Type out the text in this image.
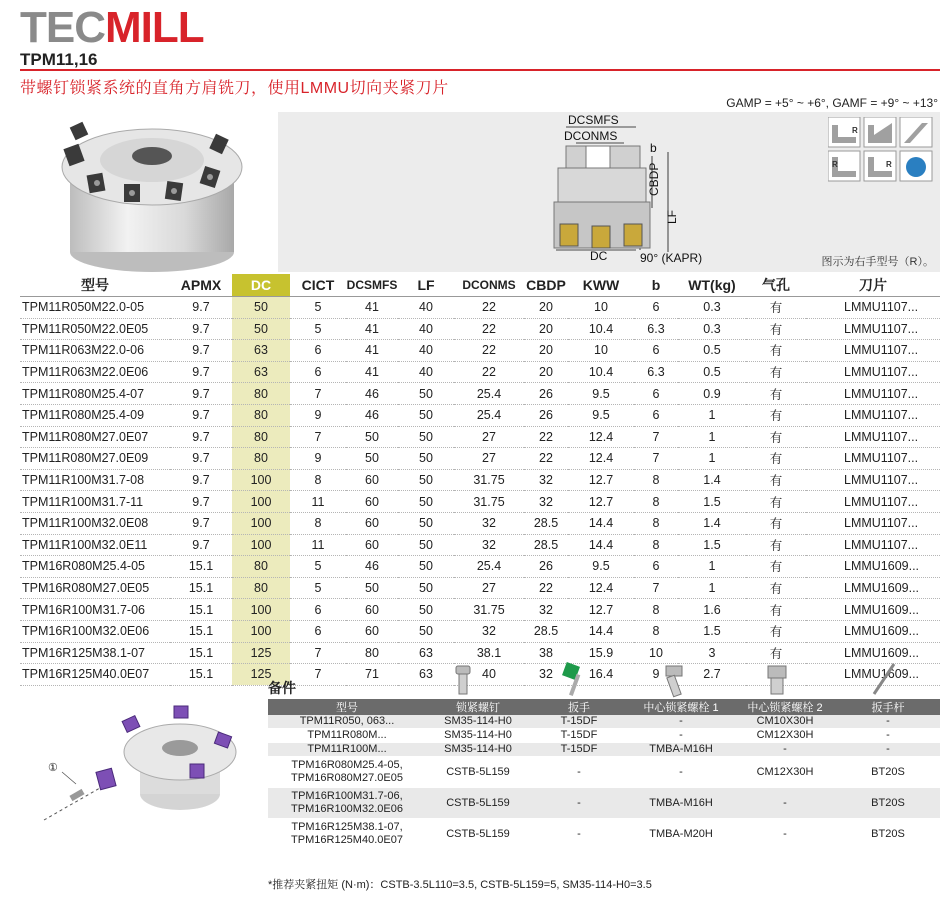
TECMILL
TPM11,16
带螺钉锁紧系统的直角方肩铣刀，使用LMMU切向夹紧刀片
GAMP = +5° ~ +6°, GAMF = +9° ~ +13°
DCSMFS
DCONMS
b
CBDP
LF
DC	90° (KAPR)
R
R	R
图示为右手型号（R）。
型号	APMX	DC	CICT	DCSMFS	LF	DCONMS	CBDP	KWW	b	WT(kg)	气孔	刀片
TPM11R050M22.0-05	9.7	50	5	41	40	22	20	10	6	0.3	有	LMMU1107...
TPM11R050M22.0E05	9.7	50	5	41	40	22	20	10.4	6.3	0.3	有	LMMU1107...
TPM11R063M22.0-06	9.7	63	6	41	40	22	20	10	6	0.5	有	LMMU1107...
TPM11R063M22.0E06	9.7	63	6	41	40	22	20	10.4	6.3	0.5	有	LMMU1107...
TPM11R080M25.4-07	9.7	80	7	46	50	25.4	26	9.5	6	0.9	有	LMMU1107...
TPM11R080M25.4-09	9.7	80	9	46	50	25.4	26	9.5	6	1	有	LMMU1107...
TPM11R080M27.0E07	9.7	80	7	50	50	27	22	12.4	7	1	有	LMMU1107...
TPM11R080M27.0E09	9.7	80	9	50	50	27	22	12.4	7	1	有	LMMU1107...
TPM11R100M31.7-08	9.7	100	8	60	50	31.75	32	12.7	8	1.4	有	LMMU1107...
TPM11R100M31.7-11	9.7	100	11	60	50	31.75	32	12.7	8	1.5	有	LMMU1107...
TPM11R100M32.0E08	9.7	100	8	60	50	32	28.5	14.4	8	1.4	有	LMMU1107...
TPM11R100M32.0E11	9.7	100	11	60	50	32	28.5	14.4	8	1.5	有	LMMU1107...
TPM16R080M25.4-05	15.1	80	5	46	50	25.4	26	9.5	6	1	有	LMMU1609...
TPM16R080M27.0E05	15.1	80	5	50	50	27	22	12.4	7	1	有	LMMU1609...
TPM16R100M31.7-06	15.1	100	6	60	50	31.75	32	12.7	8	1.6	有	LMMU1609...
TPM16R100M32.0E06	15.1	100	6	60	50	32	28.5	14.4	8	1.5	有	LMMU1609...
TPM16R125M38.1-07	15.1	125	7	80	63	38.1	38	15.9	10	3	有	LMMU1609...
TPM16R125M40.0E07	15.1	125	7	71	63	40	32	16.4	9	2.7		LMMU1609...
备件
型号	锁紧螺钉	扳手	中心锁紧螺栓 1	中心锁紧螺栓 2	扳手杆
TPM11R050, 063...	SM35-114-H0	T-15DF	-	CM10X30H	-
TPM11R080M...	SM35-114-H0	T-15DF	-	CM12X30H	-
TPM11R100M...	SM35-114-H0	T-15DF	TMBA-M16H	-	-
TPM16R080M25.4-05,
TPM16R080M27.0E05	CSTB-5L159	-	-	CM12X30H	BT20S
TPM16R100M31.7-06,
TPM16R100M32.0E06	CSTB-5L159	-	TMBA-M16H	-	BT20S
TPM16R125M38.1-07,
TPM16R125M40.0E07	CSTB-5L159	-	TMBA-M20H	-	BT20S
①
*推荐夹紧扭矩 (N·m)：CSTB-3.5L110=3.5, CSTB-5L159=5, SM35-114-H0=3.5
